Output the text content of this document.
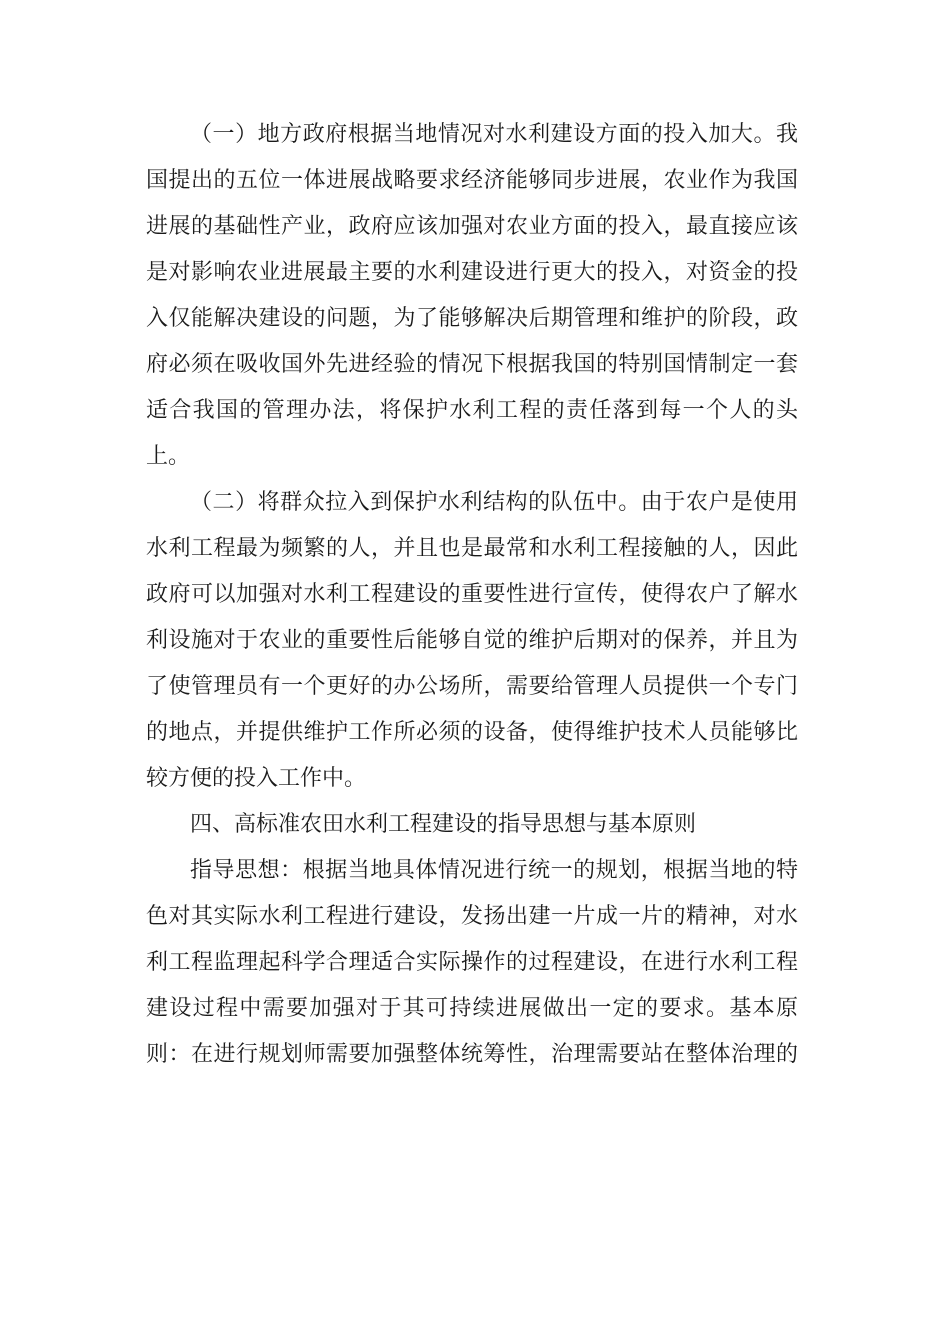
（一）地方政府根据当地情况对水利建设方面的投入加大。我
国提出的五位一体进展战略要求经济能够同步进展，农业作为我国
进展的基础性产业，政府应该加强对农业方面的投入，最直接应该
是对影响农业进展最主要的水利建设进行更大的投入，对资金的投
入仅能解决建设的问题，为了能够解决后期管理和维护的阶段，政
府必须在吸收国外先进经验的情况下根据我国的特别国情制定一套
适合我国的管理办法，将保护水利工程的责任落到每一个人的头
上。
（二）将群众拉入到保护水利结构的队伍中。由于农户是使用
水利工程最为频繁的人，并且也是最常和水利工程接触的人，因此
政府可以加强对水利工程建设的重要性进行宣传，使得农户了解水
利设施对于农业的重要性后能够自觉的维护后期对的保养，并且为
了使管理员有一个更好的办公场所，需要给管理人员提供一个专门
的地点，并提供维护工作所必须的设备，使得维护技术人员能够比
较方便的投入工作中。
四、高标准农田水利工程建设的指导思想与基本原则
指导思想：根据当地具体情况进行统一的规划，根据当地的特
色对其实际水利工程进行建设，发扬出建一片成一片的精神，对水
利工程监理起科学合理适合实际操作的过程建设，在进行水利工程
建设过程中需要加强对于其可持续进展做出一定的要求。基本原
则：在进行规划师需要加强整体统筹性，治理需要站在整体治理的
